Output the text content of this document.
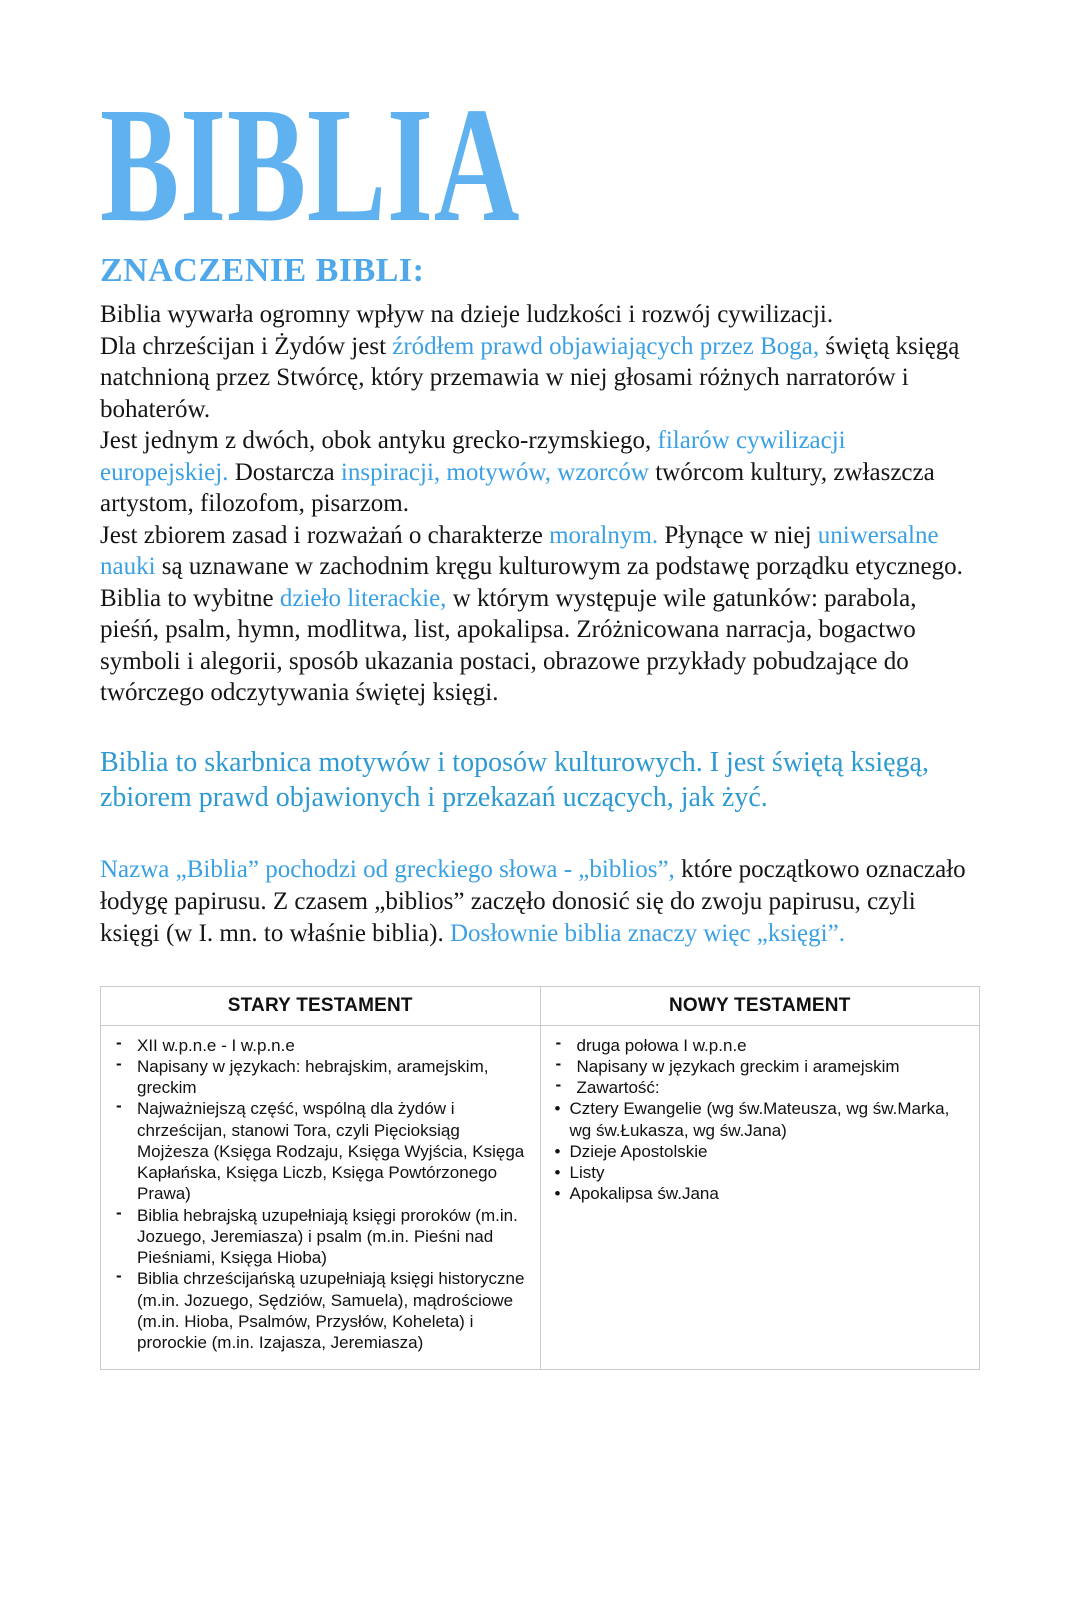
BIBLIA
ZNACZENIE BIBLI:

Biblia wywarła ogromny wpływ na dzieje ludzkości i rozwój cywilizacji.

Dla chrześcijan i Żydów jest źródłem prawd objawiających przez Boga, świętą księgą natchnioną przez Stwórcę, który przemawia w niej głosami różnych narratorów i bohaterów.

Jest jednym z dwóch, obok antyku grecko-rzymskiego, filarów cywilizacji europejskiej. Dostarcza inspiracji, motywów, wzorców twórcom kultury, zwłaszcza artystom, filozofom, pisarzom.

Jest zbiorem zasad i rozważań o charakterze moralnym. Płynące w niej uniwersalne nauki są uznawane w zachodnim kręgu kulturowym za podstawę porządku etycznego.

Biblia to wybitne dzieło literackie, w którym występuje wile gatunków: parabola, pieśń, psalm, hymn, modlitwa, list, apokalipsa. Zróżnicowana narracja, bogactwo symboli i alegorii, sposób ukazania postaci, obrazowe przykłady pobudzające do twórczego odczytywania świętej księgi.

Biblia to skarbnica motywów i toposów kulturowych. I jest świętą księgą, zbiorem prawd objawionych i przekazań uczących, jak żyć.

Nazwa „Biblia” pochodzi od greckiego słowa - „biblios”, które początkowo oznaczało łodygę papirusu. Z czasem „biblios” zaczęło donosić się do zwoju papirusu, czyli księgi (w I. mn. to właśnie biblia). Dosłownie biblia znaczy więc „księgi”.

STARY TESTAMENT	NOWY TESTAMENT

- XII w.p.n.e - I w.p.n.e
- Napisany w językach: hebrajskim, aramejskim, greckim
- Najważniejszą część, wspólną dla żydów i chrześcijan, stanowi Tora, czyli Pięcioksiąg Mojżesza (Księga Rodzaju, Księga Wyjścia, Księga Kapłańska, Księga Liczb, Księga Powtórzonego Prawa)
- Biblia hebrajską uzupełniają księgi proroków (m.in. Jozuego, Jeremiasza) i psalm (m.in. Pieśni nad Pieśniami, Księga Hioba)
- Biblia chrześcijańską uzupełniają księgi historyczne (m.in. Jozuego, Sędziów, Samuela), mądrościowe (m.in. Hioba, Psalmów, Przysłów, Koheleta) i prorockie (m.in. Izajasza, Jeremiasza)

- druga połowa I w.p.n.e
- Napisany w językach greckim i aramejskim
- Zawartość:
• Cztery Ewangelie (wg św.Mateusza, wg św.Marka, wg św.Łukasza, wg św.Jana)
• Dzieje Apostolskie
• Listy
• Apokalipsa św.Jana
